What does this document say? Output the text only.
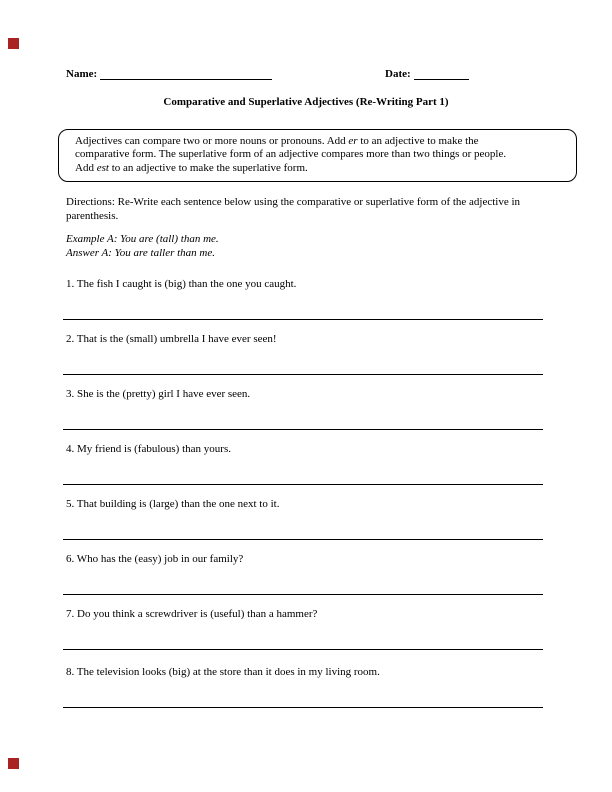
Name:	Date:
Comparative and Superlative Adjectives (Re-Writing Part 1)
Adjectives can compare two or more nouns or pronouns. Add er to an adjective to make the
comparative form. The superlative form of an adjective compares more than two things or people.
Add est to an adjective to make the superlative form.
Directions: Re-Write each sentence below using the comparative or superlative form of the adjective in parenthesis.
Example A: You are (tall) than me.
Answer A: You are taller than me.
1. The fish I caught is (big) than the one you caught.
2. That is the (small) umbrella I have ever seen!
3. She is the (pretty) girl I have ever seen.
4. My friend is (fabulous) than yours.
5. That building is (large) than the one next to it.
6. Who has the (easy) job in our family?
7. Do you think a screwdriver is (useful) than a hammer?
8. The television looks (big) at the store than it does in my living room.
